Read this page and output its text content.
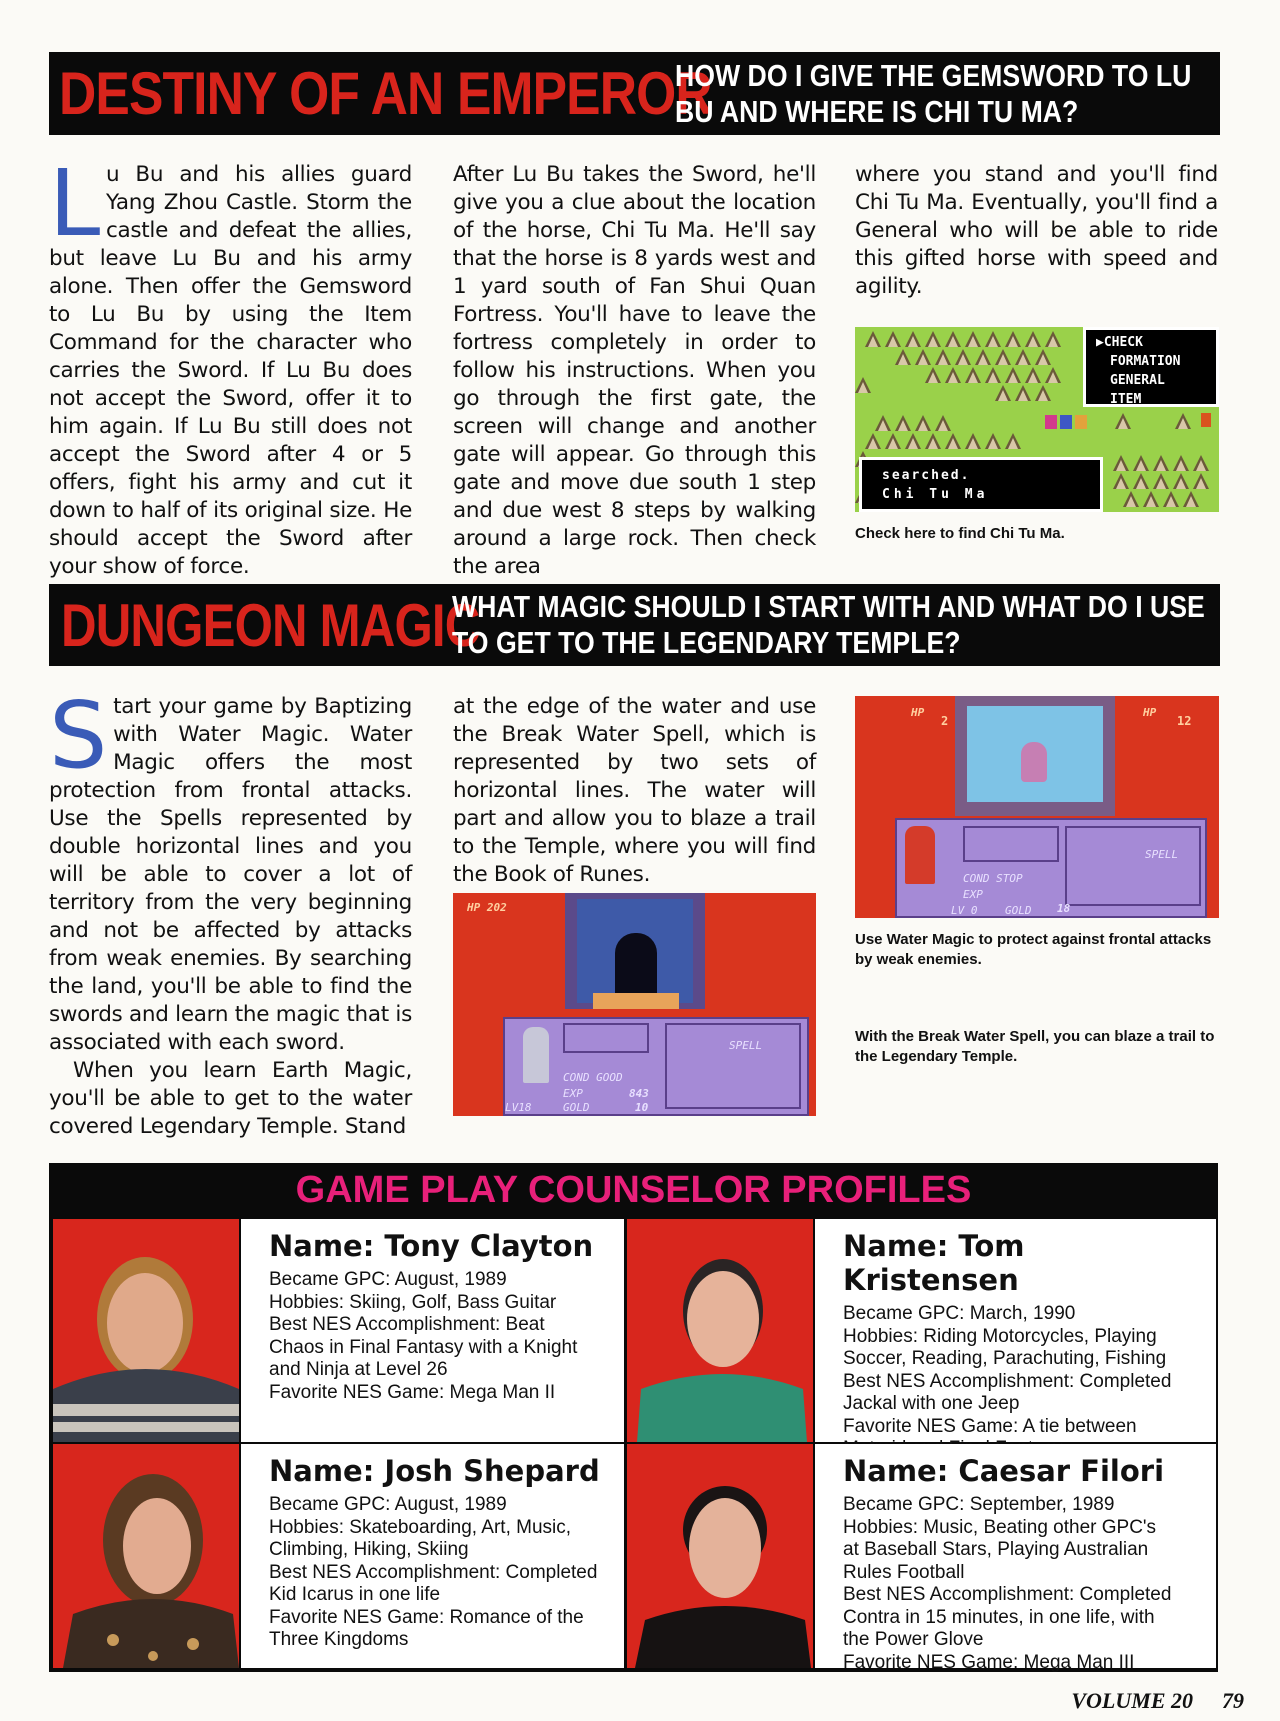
DESTINY OF AN EMPEROR
HOW DO I GIVE THE GEMSWORD TO LU BU AND WHERE IS CHI TU MA?
L u Bu and his allies guard Yang Zhou Castle. Storm the castle and defeat the allies, but leave Lu Bu and his army alone. Then offer the Gemsword to Lu Bu by using the Item Command for the character who carries the Sword. If Lu Bu does not accept the Sword, offer it to him again. If Lu Bu still does not accept the Sword after 4 or 5 offers, fight his army and cut it down to half of its original size. He should accept the Sword after your show of force.
After Lu Bu takes the Sword, he'll give you a clue about the location of the horse, Chi Tu Ma. He'll say that the horse is 8 yards west and 1 yard south of Fan Shui Quan Fortress. You'll have to leave the fortress completely in order to follow his instructions. When you go through the first gate, the screen will change and another gate will appear. Go through this gate and move due south 1 step and due west 8 steps by walking around a large rock. Then check the area
where you stand and you'll find Chi Tu Ma. Eventually, you'll find a General who will be able to ride this gifted horse with speed and agility.
▶CHECK
FORMATION
GENERAL
ITEM
searched.
Chi Tu Ma
Check here to find Chi Tu Ma.
DUNGEON MAGIC
WHAT MAGIC SHOULD I START WITH AND WHAT DO I USE TO GET TO THE LEGENDARY TEMPLE?
S tart your game by Baptizing with Water Magic. Water Magic offers the most protection from frontal attacks. Use the Spells represented by double horizontal lines and you will be able to cover a lot of territory from the very beginning and not be affected by attacks from weak enemies. By searching the land, you'll be able to find the swords and learn the magic that is associated with each sword.
When you learn Earth Magic, you'll be able to get to the water covered Legendary Temple. Stand
at the edge of the water and use the Break Water Spell, which is represented by two sets of horizontal lines. The water will part and allow you to blaze a trail to the Temple, where you will find the Book of Runes.
HP
2
HP
12
COND STOP
EXP
LV 0	GOLD 18
SPELL
Use Water Magic to protect against frontal attacks by weak enemies.
With the Break Water Spell, you can blaze a trail to the Legendary Temple.
HP 202
COND GOOD
EXP	843
LV18	GOLD	10
SPELL
GAME PLAY COUNSELOR PROFILES
Name: Tony Clayton
Became GPC: August, 1989
Hobbies: Skiing, Golf, Bass Guitar
Best NES Accomplishment: Beat
Chaos in Final Fantasy with a Knight
and Ninja at Level 26
Favorite NES Game: Mega Man II
Name: Tom Kristensen
Became GPC: March, 1990
Hobbies: Riding Motorcycles, Playing
Soccer, Reading, Parachuting, Fishing
Best NES Accomplishment: Completed
Jackal with one Jeep
Favorite NES Game: A tie between
Name: Josh Shepard
Became GPC: August, 1989
Hobbies: Skateboarding, Art, Music,
Climbing, Hiking, Skiing
Best NES Accomplishment: Completed
Kid Icarus in one life
Favorite NES Game: Romance of the
Three Kingdoms
Name: Caesar Filori
Became GPC: September, 1989
Hobbies: Music, Beating other GPC's
at Baseball Stars, Playing Australian
Rules Football
Best NES Accomplishment: Completed
Contra in 15 minutes, in one life, with
the Power Glove
Favorite NES Game: Mega Man III
VOLUME 20 79
